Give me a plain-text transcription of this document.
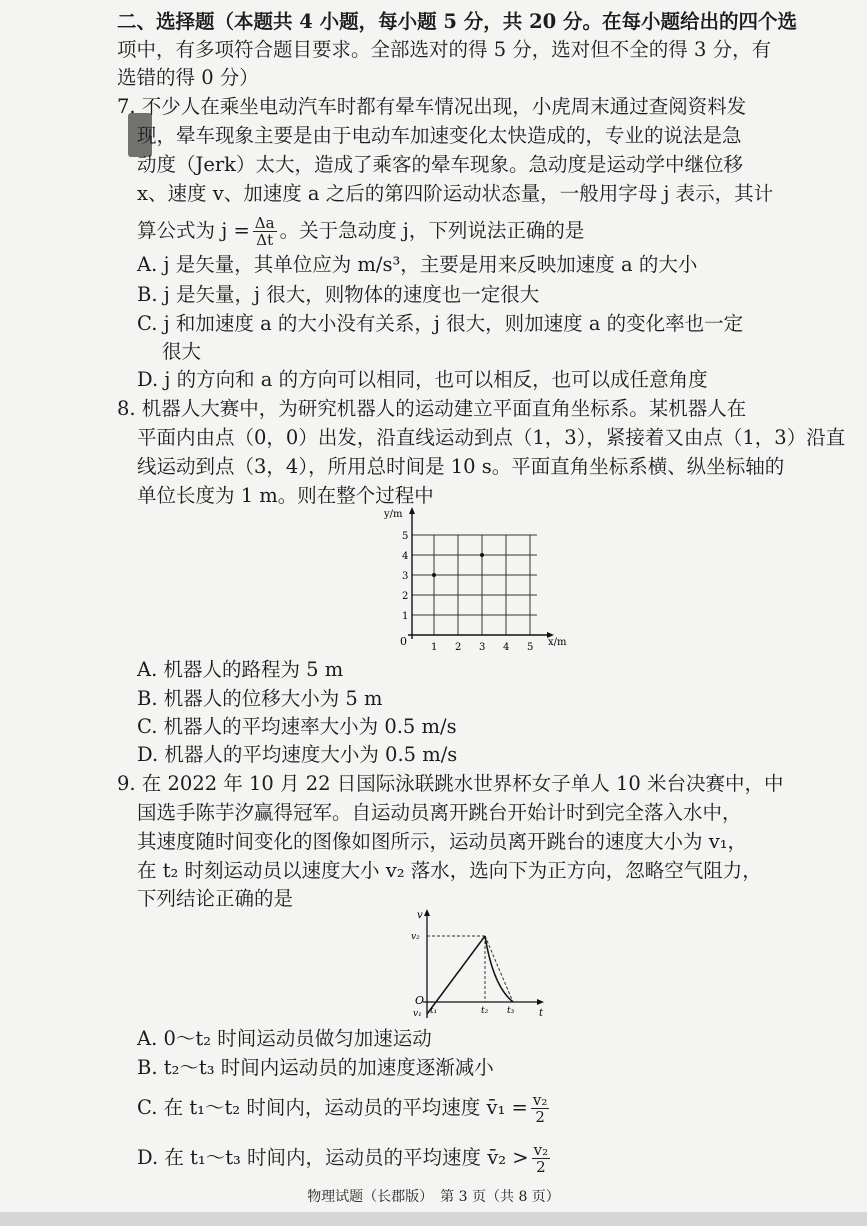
二、选择题（本题共 4 小题，每小题 5 分，共 20 分。在每小题给出的四个选
项中，有多项符合题目要求。全部选对的得 5 分，选对但不全的得 3 分，有
选错的得 0 分）
7. 不少人在乘坐电动汽车时都有晕车情况出现，小虎周末通过查阅资料发
现，晕车现象主要是由于电动车加速变化太快造成的，专业的说法是急
动度（Jerk）太大，造成了乘客的晕车现象。急动度是运动学中继位移
x、速度 v、加速度 a 之后的第四阶运动状态量，一般用字母 j 表示，其计
算公式为 $j = \frac{\Delta a}{\Delta t}$ 。关于急动度 j，下列说法正确的是
A. j 是矢量，其单位应为 m/s³，主要是用来反映加速度 a 的大小
B. j 是矢量，j 很大，则物体的速度也一定很大
C. j 和加速度 a 的大小没有关系，j 很大，则加速度 a 的变化率也一定
很大
D. j 的方向和 a 的方向可以相同，也可以相反，也可以成任意角度
8. 机器人大赛中，为研究机器人的运动建立平面直角坐标系。某机器人在
平面内由点（0，0）出发，沿直线运动到点（1，3），紧接着又由点（1，3）沿直
线运动到点（3，4），所用总时间是 10 s。平面直角坐标系横、纵坐标轴的
单位长度为 1 m。则在整个过程中
y/m
x/m
0 1 2 3 4 5
1
2
3
4
5
A. 机器人的路程为 5 m
B. 机器人的位移大小为 5 m
C. 机器人的平均速率大小为 0.5 m/s
D. 机器人的平均速度大小为 0.5 m/s
9. 在 2022 年 10 月 22 日国际泳联跳水世界杯女子单人 10 米台决赛中，中
国选手陈芋汐赢得冠军。自运动员离开跳台开始计时到完全落入水中，
其速度随时间变化的图像如图所示，运动员离开跳台的速度大小为 v₁，
在 t₂ 时刻运动员以速度大小 v₂ 落水，选向下为正方向，忽略空气阻力，
下列结论正确的是
v
t
O
v₂
v₁ t₁	t₂ t₃
A. 0～t₂ 时间运动员做匀加速运动
B. t₂～t₃ 时间内运动员的加速度逐渐减小
C. 在 t₁～t₂ 时间内，运动员的平均速度 v̄₁ = $\frac{\text{v₂}}{2}$
D. 在 t₁～t₃ 时间内，运动员的平均速度 v̄₂ > $\frac{\text{v₂}}{2}$
物理试题（长郡版）　第 3 页（共 8 页）
